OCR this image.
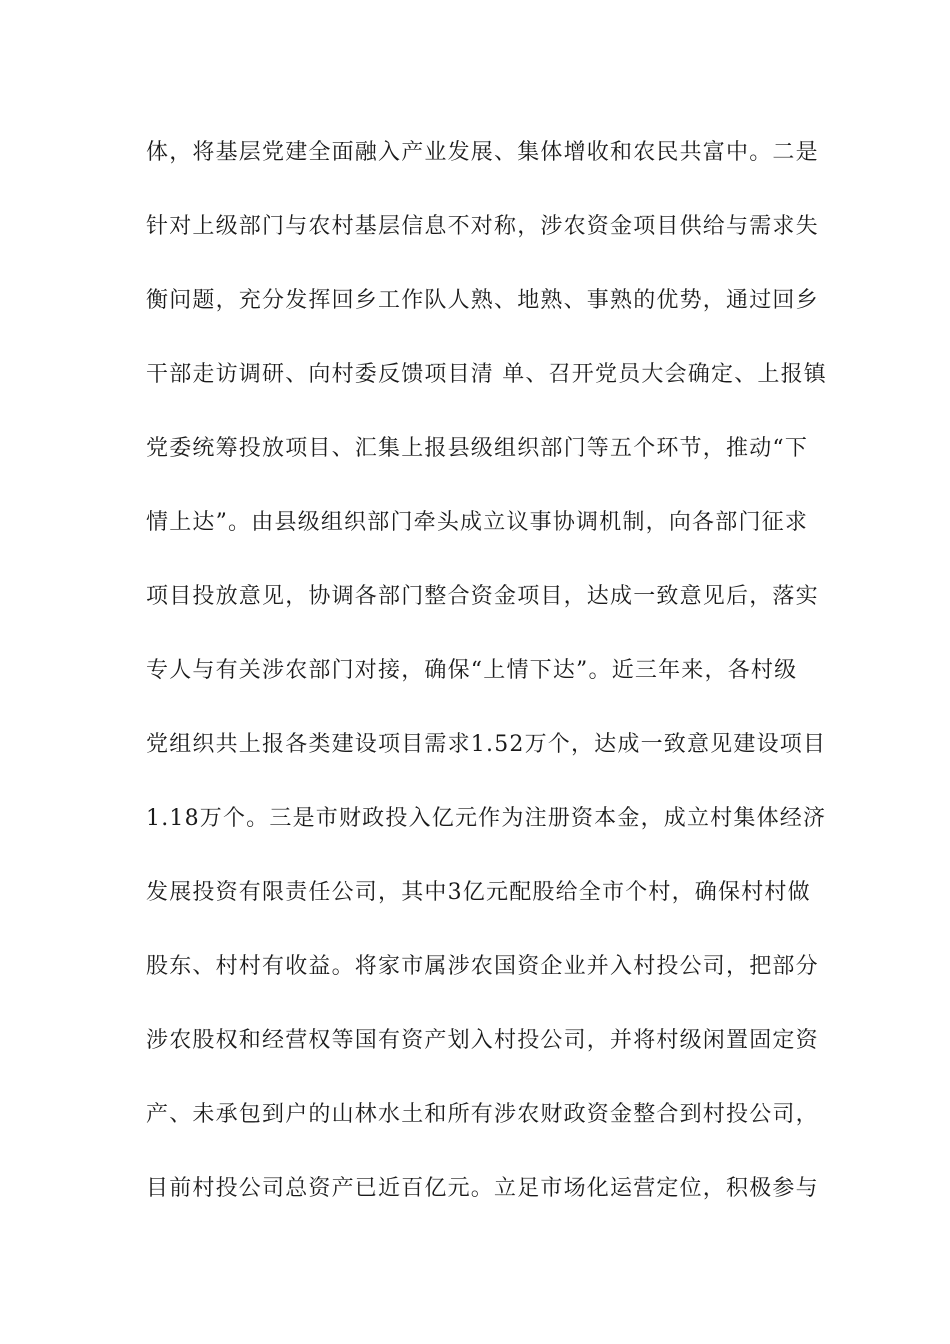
体，将基层党建全面融入产业发展、集体增收和农民共富中。二是
针对上级部门与农村基层信息不对称，涉农资金项目供给与需求失
衡问题，充分发挥回乡工作队人熟、地熟、事熟的优势，通过回乡
干部走访调研、向村委反馈项目清 单、召开党员大会确定、上报镇
党委统筹投放项目、汇集上报县级组织部门等五个环节，推动“下
情上达”。由县级组织部门牵头成立议事协调机制，向各部门征求
项目投放意见，协调各部门整合资金项目，达成一致意见后，落实
专人与有关涉农部门对接，确保“上情下达”。近三年来，各村级
党组织共上报各类建设项目需求1.52万个，达成一致意见建设项目
1.18万个。三是市财政投入亿元作为注册资本金，成立村集体经济
发展投资有限责任公司，其中3亿元配股给全市个村，确保村村做
股东、村村有收益。将家市属涉农国资企业并入村投公司，把部分
涉农股权和经营权等国有资产划入村投公司，并将村级闲置固定资
产、未承包到户的山林水土和所有涉农财政资金整合到村投公司，
目前村投公司总资产已近百亿元。立足市场化运营定位，积极参与
